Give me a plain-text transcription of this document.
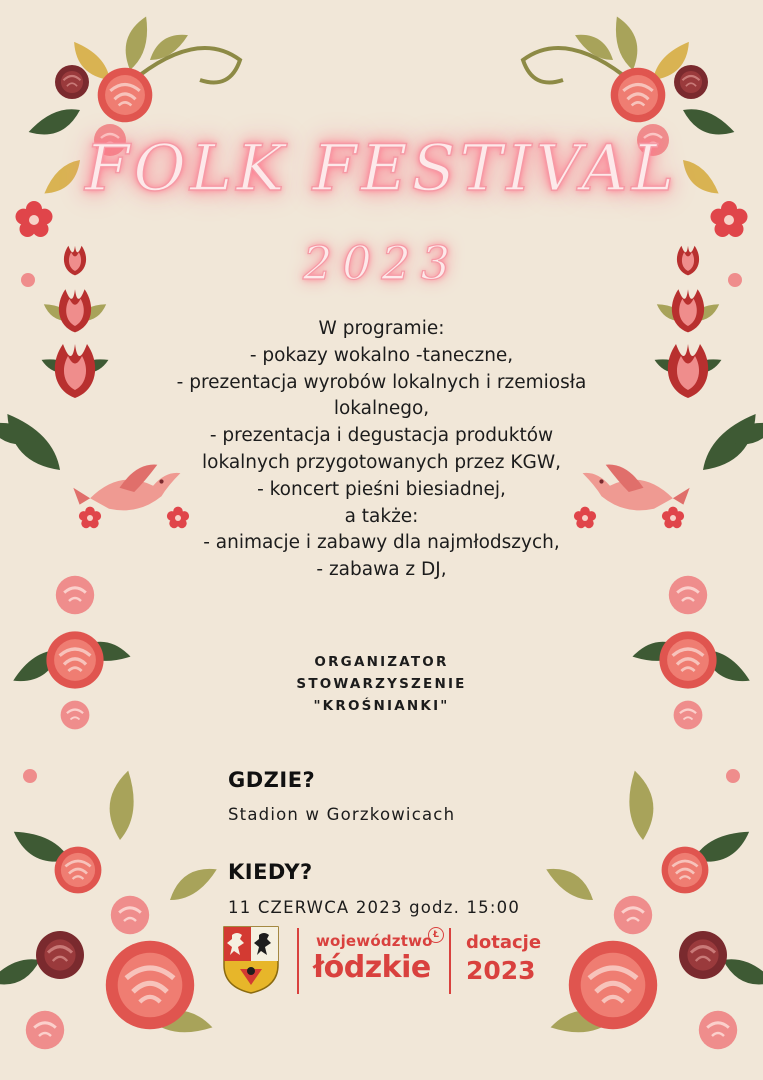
FOLK FESTIVAL
2023
W programie:
- pokazy wokalno -taneczne,
- prezentacja wyrobów lokalnych i rzemiosła
lokalnego,
- prezentacja i degustacja produktów
lokalnych przygotowanych przez KGW,
- koncert pieśni biesiadnej,
a także:
- animacje i zabawy dla najmłodszych,
- zabawa z DJ,
ORGANIZATOR
STOWARZYSZENIE
"KROŚNIANKI"
GDZIE?
Stadion w Gorzkowicach
KIEDY?
11 CZERWCA 2023 godz. 15:00
województwo Ł
łódzkie
dotacje
2023
